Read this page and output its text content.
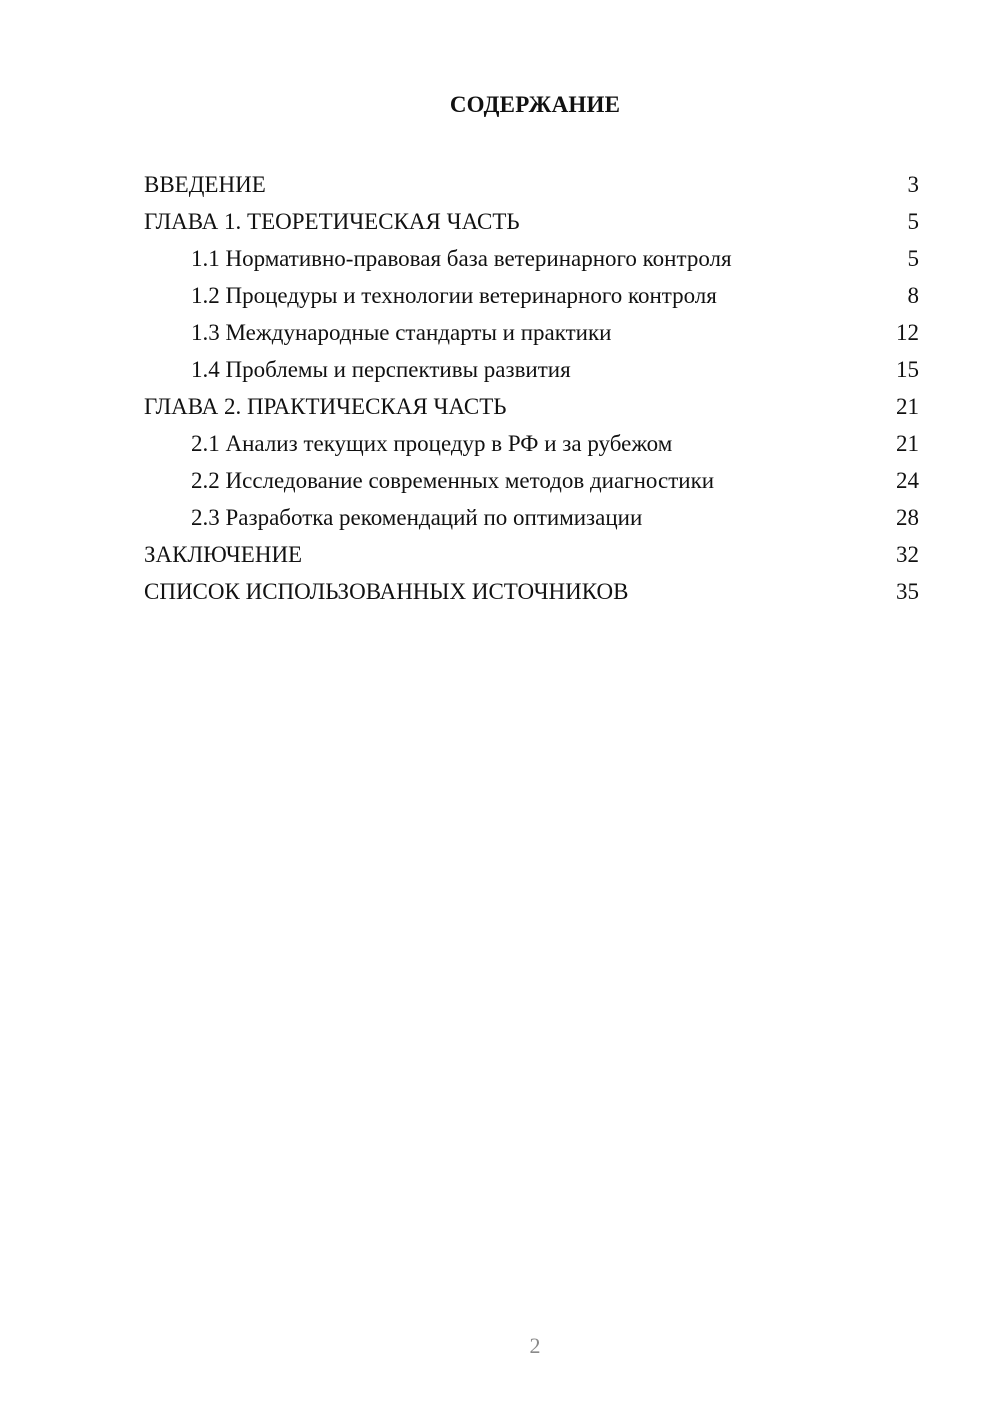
СОДЕРЖАНИЕ
ВВЕДЕНИЕ	3
ГЛАВА 1. ТЕОРЕТИЧЕСКАЯ ЧАСТЬ	5
1.1 Нормативно-правовая база ветеринарного контроля	5
1.2 Процедуры и технологии ветеринарного контроля	8
1.3 Международные стандарты и практики	12
1.4 Проблемы и перспективы развития	15
ГЛАВА 2. ПРАКТИЧЕСКАЯ ЧАСТЬ	21
2.1 Анализ текущих процедур в РФ и за рубежом	21
2.2 Исследование современных методов диагностики	24
2.3 Разработка рекомендаций по оптимизации	28
ЗАКЛЮЧЕНИЕ	32
СПИСОК ИСПОЛЬЗОВАННЫХ ИСТОЧНИКОВ	35
2
